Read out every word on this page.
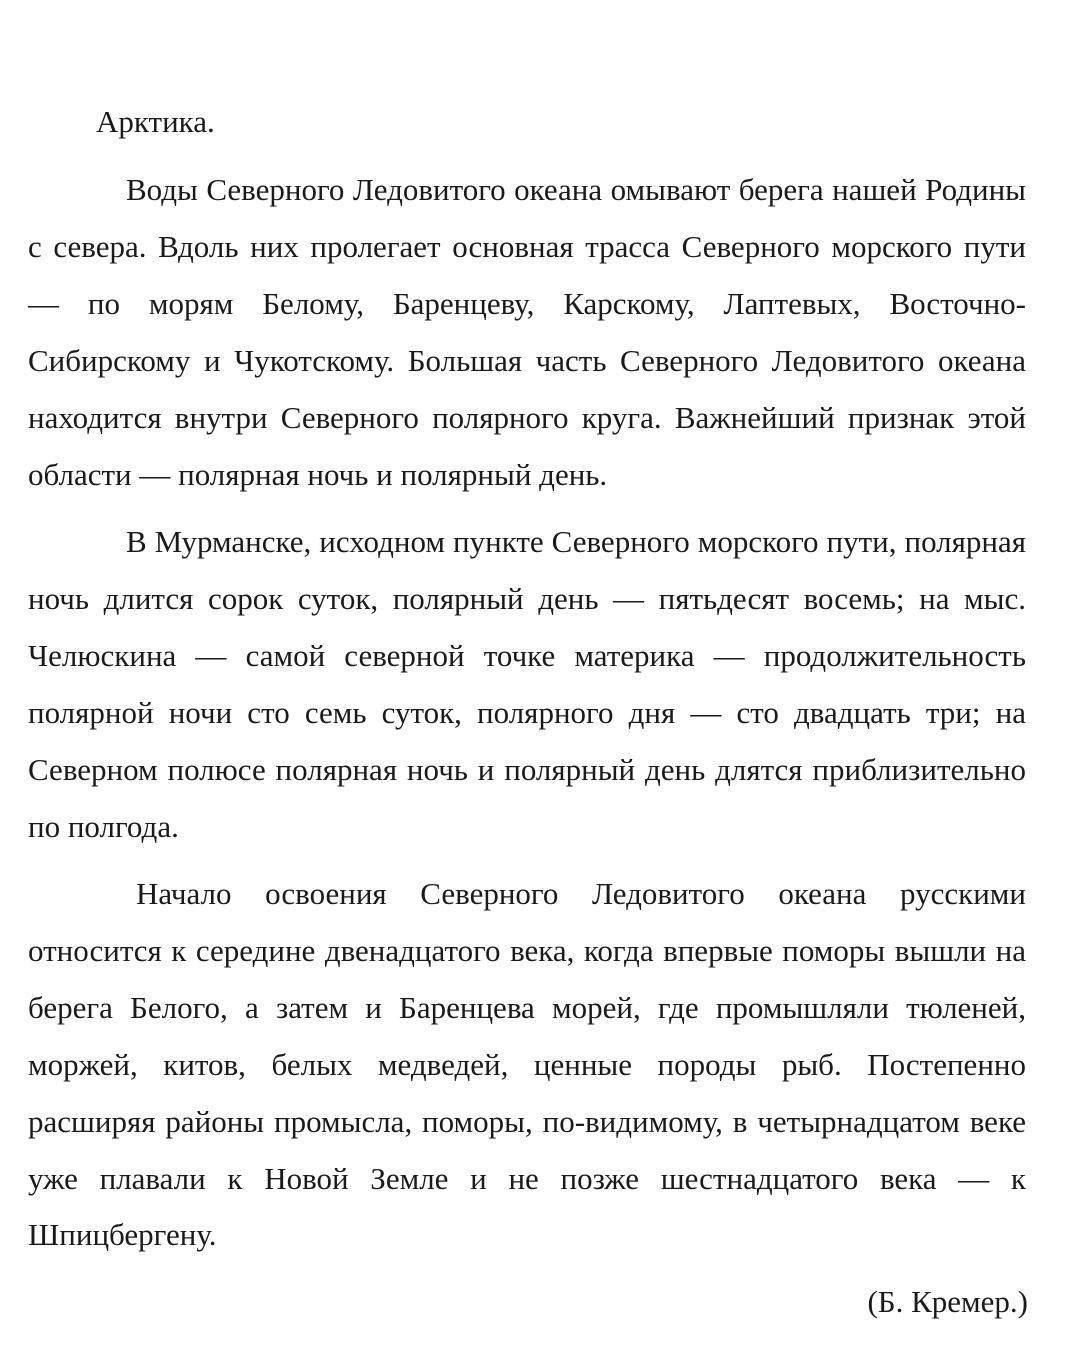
Арктика.

Воды Северного Ледовитого океана омывают берега нашей Родины с севера. Вдоль них пролегает основная трасса Северного морского пути — по морям Белому, Баренцеву, Карскому, Лаптевых, Восточно-Сибирскому и Чукотскому. Большая часть Северного Ледовитого океана находится внутри Северного полярного круга. Важнейший признак этой области — полярная ночь и полярный день.

В Мурманске, исходном пункте Северного морского пути, полярная ночь длится сорок суток, полярный день — пятьдесят восемь; на мыс. Челюскина — самой северной точке материка — продолжительность полярной ночи сто семь суток, полярного дня — сто двадцать три; на Северном полюсе полярная ночь и полярный день длятся приблизительно по полгода.

Начало освоения Северного Ледовитого океана русскими относится к середине двенадцатого века, когда впервые поморы вышли на берега Белого, а затем и Баренцева морей, где промышляли тюленей, моржей, китов, белых медведей, ценные породы рыб. Постепенно расширяя районы промысла, поморы, по-видимому, в четырнадцатом веке уже плавали к Новой Земле и не позже шестнадцатого века — к Шпицбергену.

(Б. Кремер.)
